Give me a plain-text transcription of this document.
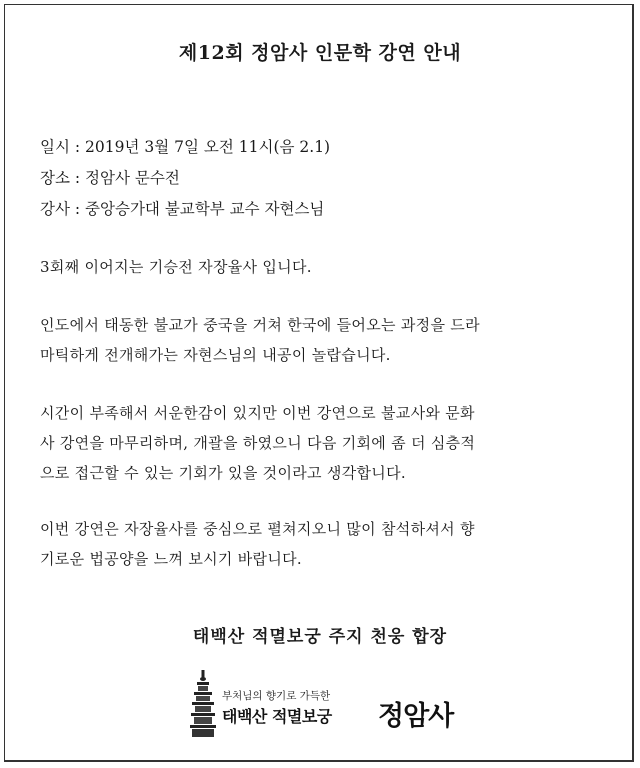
제12회 정암사 인문학 강연 안내
일시 : 2019년 3월 7일 오전 11시(음 2.1)
장소 : 정암사 문수전
강사 : 중앙승가대 불교학부 교수 자현스님
3회째 이어지는 기승전 자장율사 입니다.
인도에서 태동한 불교가 중국을 거쳐 한국에 들어오는 과정을 드라
마틱하게 전개해가는 자현스님의 내공이 놀랍습니다.
시간이 부족해서 서운한감이 있지만 이번 강연으로 불교사와 문화
사 강연을 마무리하며, 개괄을 하였으니 다음 기회에 좀 더 심층적
으로 접근할 수 있는 기회가 있을 것이라고 생각합니다.
이번 강연은 자장율사를 중심으로 펼쳐지오니 많이 참석하셔서 향
기로운 법공양을 느껴 보시기 바랍니다.
태백산 적멸보궁 주지 천웅 합장
부처님의 향기로 가득한
태백산 적멸보궁 정암사
